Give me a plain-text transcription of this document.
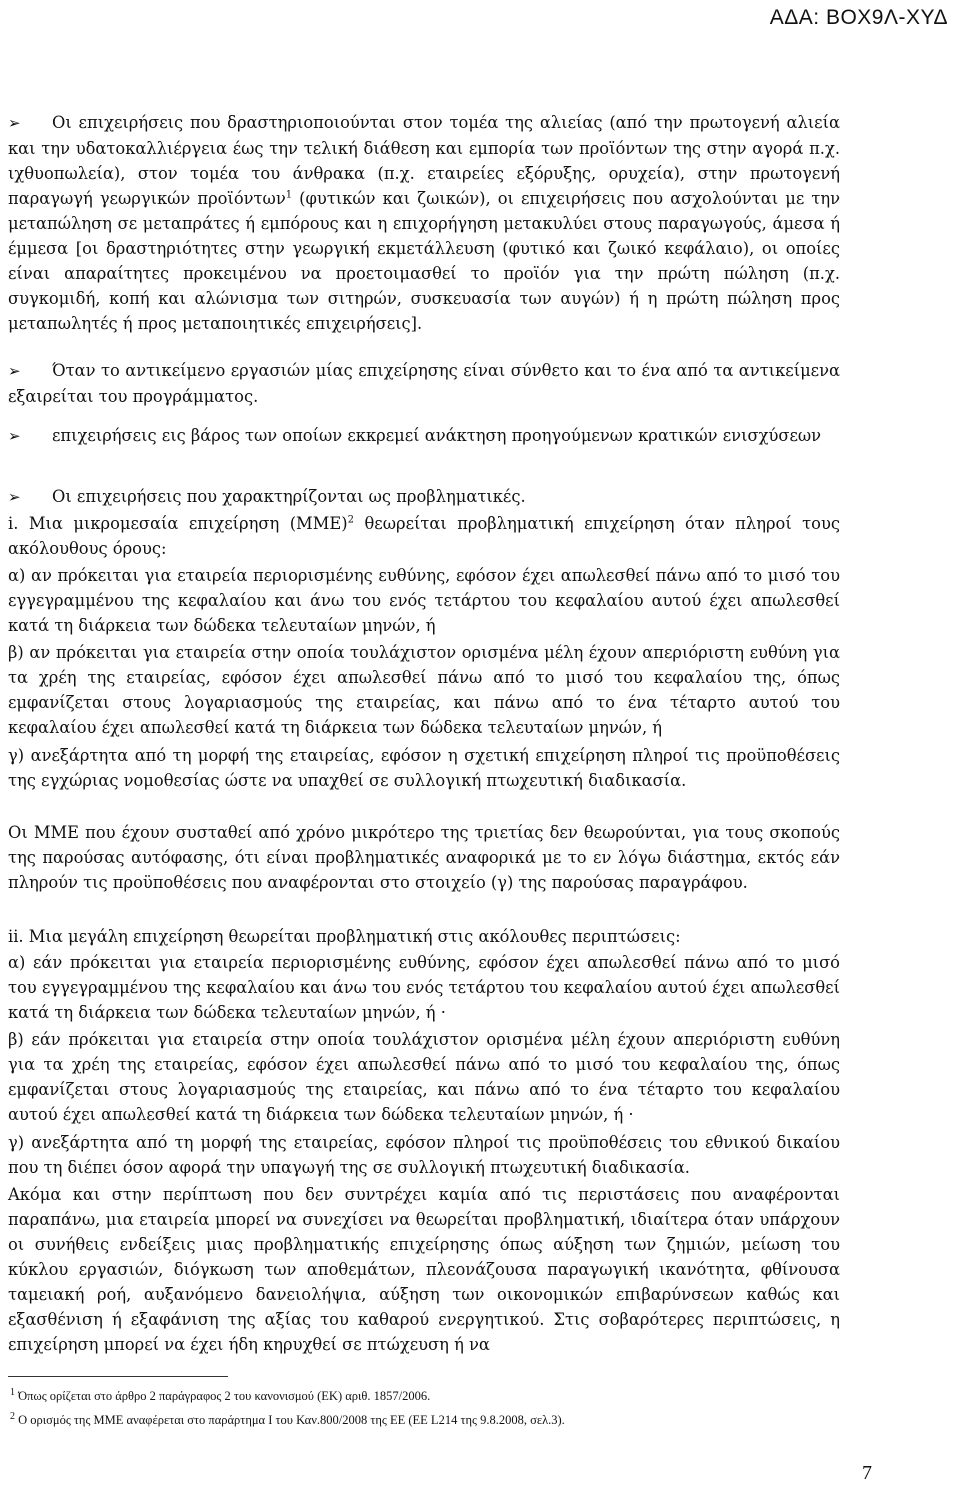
ΑΔΑ: ΒΟΧ9Λ-ΧΥΔ

➢ Οι επιχειρήσεις που δραστηριοποιούνται στον τομέα της αλιείας (από την πρωτογενή αλιεία και την υδατοκαλλιέργεια έως την τελική διάθεση και εμπορία των προϊόντων της στην αγορά π.χ. ιχθυοπωλεία), στον τομέα του άνθρακα (π.χ. εταιρείες εξόρυξης, ορυχεία), στην πρωτογενή παραγωγή γεωργικών προϊόντων$^1$ (φυτικών και ζωικών), οι επιχειρήσεις που ασχολούνται με την μεταπώληση σε μεταπράτες ή εμπόρους και η επιχορήγηση μετακυλύει στους παραγωγούς, άμεσα ή έμμεσα [οι δραστηριότητες στην γεωργική εκμετάλλευση (φυτικό και ζωικό κεφάλαιο), οι οποίες είναι απαραίτητες προκειμένου να προετοιμασθεί το προϊόν για την πρώτη πώληση (π.χ. συγκομιδή, κοπή και αλώνισμα των σιτηρών, συσκευασία των αυγών) ή η πρώτη πώληση προς μεταπωλητές ή προς μεταποιητικές επιχειρήσεις].

➢ Όταν το αντικείμενο εργασιών μίας επιχείρησης είναι σύνθετο και το ένα από τα αντικείμενα εξαιρείται του προγράμματος.

➢ επιχειρήσεις εις βάρος των οποίων εκκρεμεί ανάκτηση προηγούμενων κρατικών ενισχύσεων

➢ Οι επιχειρήσεις που χαρακτηρίζονται ως προβληματικές.

i. Μια μικρομεσαία επιχείρηση $(MME)^2$ θεωρείται προβληματική επιχείρηση όταν πληροί τους ακόλουθους όρους:

α) αν πρόκειται για εταιρεία περιορισμένης ευθύνης, εφόσον έχει απωλεσθεί πάνω από το μισό του εγγεγραμμένου της κεφαλαίου και άνω του ενός τετάρτου του κεφαλαίου αυτού έχει απωλεσθεί κατά τη διάρκεια των δώδεκα τελευταίων μηνών, ή

β) αν πρόκειται για εταιρεία στην οποία τουλάχιστον ορισμένα μέλη έχουν απεριόριστη ευθύνη για τα χρέη της εταιρείας, εφόσον έχει απωλεσθεί πάνω από το μισό του κεφαλαίου της, όπως εμφανίζεται στους λογαριασμούς της εταιρείας, και πάνω από το ένα τέταρτο αυτού του κεφαλαίου έχει απωλεσθεί κατά τη διάρκεια των δώδεκα τελευταίων μηνών, ή

γ) ανεξάρτητα από τη μορφή της εταιρείας, εφόσον η σχετική επιχείρηση πληροί τις προϋποθέσεις της εγχώριας νομοθεσίας ώστε να υπαχθεί σε συλλογική πτωχευτική διαδικασία.

Οι ΜΜΕ που έχουν συσταθεί από χρόνο μικρότερο της τριετίας δεν θεωρούνται, για τους σκοπούς της παρούσας αυτόφασης, ότι είναι προβληματικές αναφορικά με το εν λόγω διάστημα, εκτός εάν πληρούν τις προϋποθέσεις που αναφέρονται στο στοιχείο (γ) της παρούσας παραγράφου.

ii. Μια μεγάλη επιχείρηση θεωρείται προβληματική στις ακόλουθες περιπτώσεις:

α) εάν πρόκειται για εταιρεία περιορισμένης ευθύνης, εφόσον έχει απωλεσθεί πάνω από το μισό του εγγεγραμμένου της κεφαλαίου και άνω του ενός τετάρτου του κεφαλαίου αυτού έχει απωλεσθεί κατά τη διάρκεια των δώδεκα τελευταίων μηνών, ή ·

β) εάν πρόκειται για εταιρεία στην οποία τουλάχιστον ορισμένα μέλη έχουν απεριόριστη ευθύνη για τα χρέη της εταιρείας, εφόσον έχει απωλεσθεί πάνω από το μισό του κεφαλαίου της, όπως εμφανίζεται στους λογαριασμούς της εταιρείας, και πάνω από το ένα τέταρτο του κεφαλαίου αυτού έχει απωλεσθεί κατά τη διάρκεια των δώδεκα τελευταίων μηνών, ή ·

γ) ανεξάρτητα από τη μορφή της εταιρείας, εφόσον πληροί τις προϋποθέσεις του εθνικού δικαίου που τη διέπει όσον αφορά την υπαγωγή της σε συλλογική πτωχευτική διαδικασία.

Ακόμα και στην περίπτωση που δεν συντρέχει καμία από τις περιστάσεις που αναφέρονται παραπάνω, μια εταιρεία μπορεί να συνεχίσει να θεωρείται προβληματική, ιδιαίτερα όταν υπάρχουν οι συνήθεις ενδείξεις μιας προβληματικής επιχείρησης όπως αύξηση των ζημιών, μείωση του κύκλου εργασιών, διόγκωση των αποθεμάτων, πλεονάζουσα παραγωγική ικανότητα, φθίνουσα ταμειακή ροή, αυξανόμενο δανειολήψια, αύξηση των οικονομικών επιβαρύνσεων καθώς και εξασθένιση ή εξαφάνιση της αξίας του καθαρού ενεργητικού. Στις σοβαρότερες περιπτώσεις, η επιχείρηση μπορεί να έχει ήδη κηρυχθεί σε πτώχευση ή να

$^1$ Όπως ορίζεται στο άρθρο 2 παράγραφος 2 του κανονισμού (ΕΚ) αριθ. 1857/2006.
$^2$ Ο ορισμός της ΜΜΕ αναφέρεται στο παράρτημα Ι του Καν.800/2008 της ΕΕ (ΕΕ L214 της 9.8.2008, σελ.3).
7
